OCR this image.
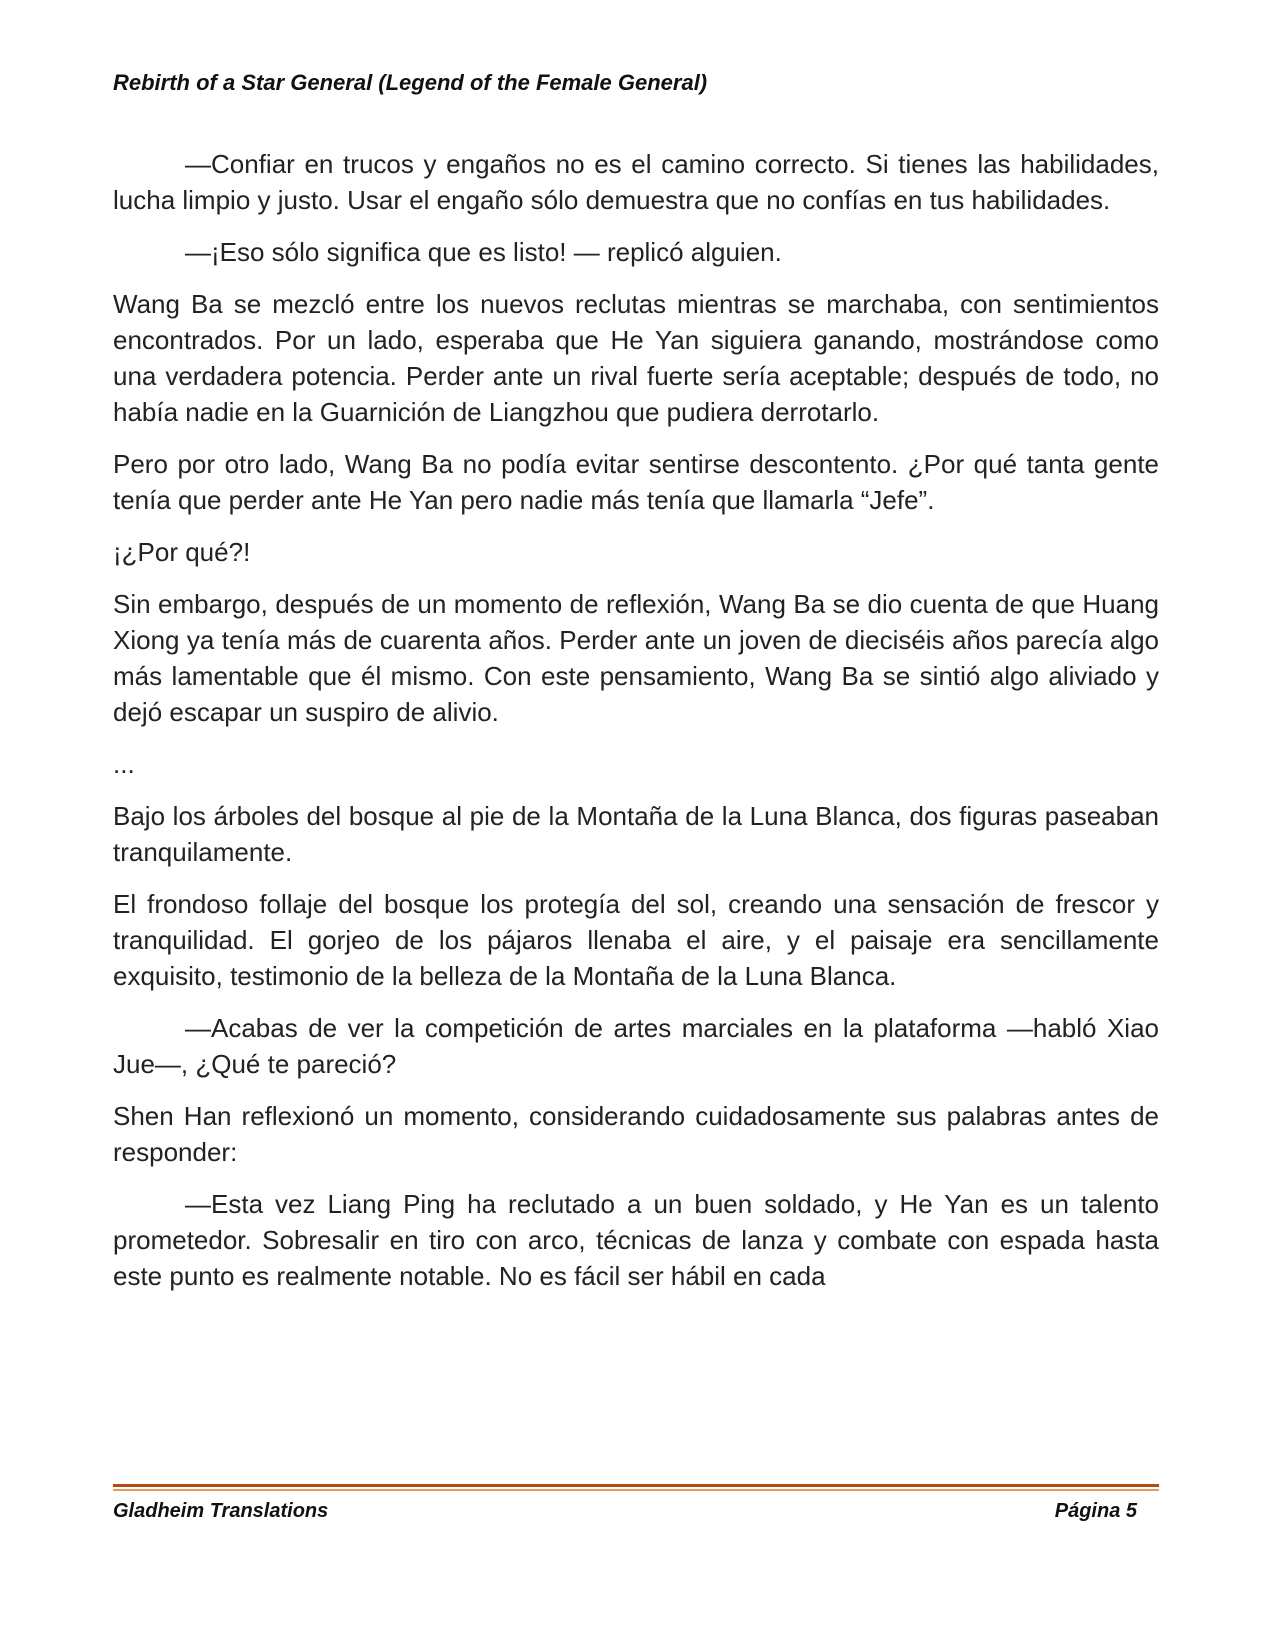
Rebirth of a Star General (Legend of the Female General)

—Confiar en trucos y engaños no es el camino correcto. Si tienes las habilidades, lucha limpio y justo. Usar el engaño sólo demuestra que no confías en tus habilidades.

—¡Eso sólo significa que es listo! — replicó alguien.

Wang Ba se mezcló entre los nuevos reclutas mientras se marchaba, con sentimientos encontrados. Por un lado, esperaba que He Yan siguiera ganando, mostrándose como una verdadera potencia. Perder ante un rival fuerte sería aceptable; después de todo, no había nadie en la Guarnición de Liangzhou que pudiera derrotarlo.

Pero por otro lado, Wang Ba no podía evitar sentirse descontento. ¿Por qué tanta gente tenía que perder ante He Yan pero nadie más tenía que llamarla “Jefe”.

¡¿Por qué?!

Sin embargo, después de un momento de reflexión, Wang Ba se dio cuenta de que Huang Xiong ya tenía más de cuarenta años. Perder ante un joven de dieciséis años parecía algo más lamentable que él mismo. Con este pensamiento, Wang Ba se sintió algo aliviado y dejó escapar un suspiro de alivio.

...

Bajo los árboles del bosque al pie de la Montaña de la Luna Blanca, dos figuras paseaban tranquilamente.

El frondoso follaje del bosque los protegía del sol, creando una sensación de frescor y tranquilidad. El gorjeo de los pájaros llenaba el aire, y el paisaje era sencillamente exquisito, testimonio de la belleza de la Montaña de la Luna Blanca.

—Acabas de ver la competición de artes marciales en la plataforma —habló Xiao Jue—, ¿Qué te pareció?

Shen Han reflexionó un momento, considerando cuidadosamente sus palabras antes de responder:

—Esta vez Liang Ping ha reclutado a un buen soldado, y He Yan es un talento prometedor. Sobresalir en tiro con arco, técnicas de lanza y combate con espada hasta este punto es realmente notable. No es fácil ser hábil en cada

Gladheim Translations	Página 5
